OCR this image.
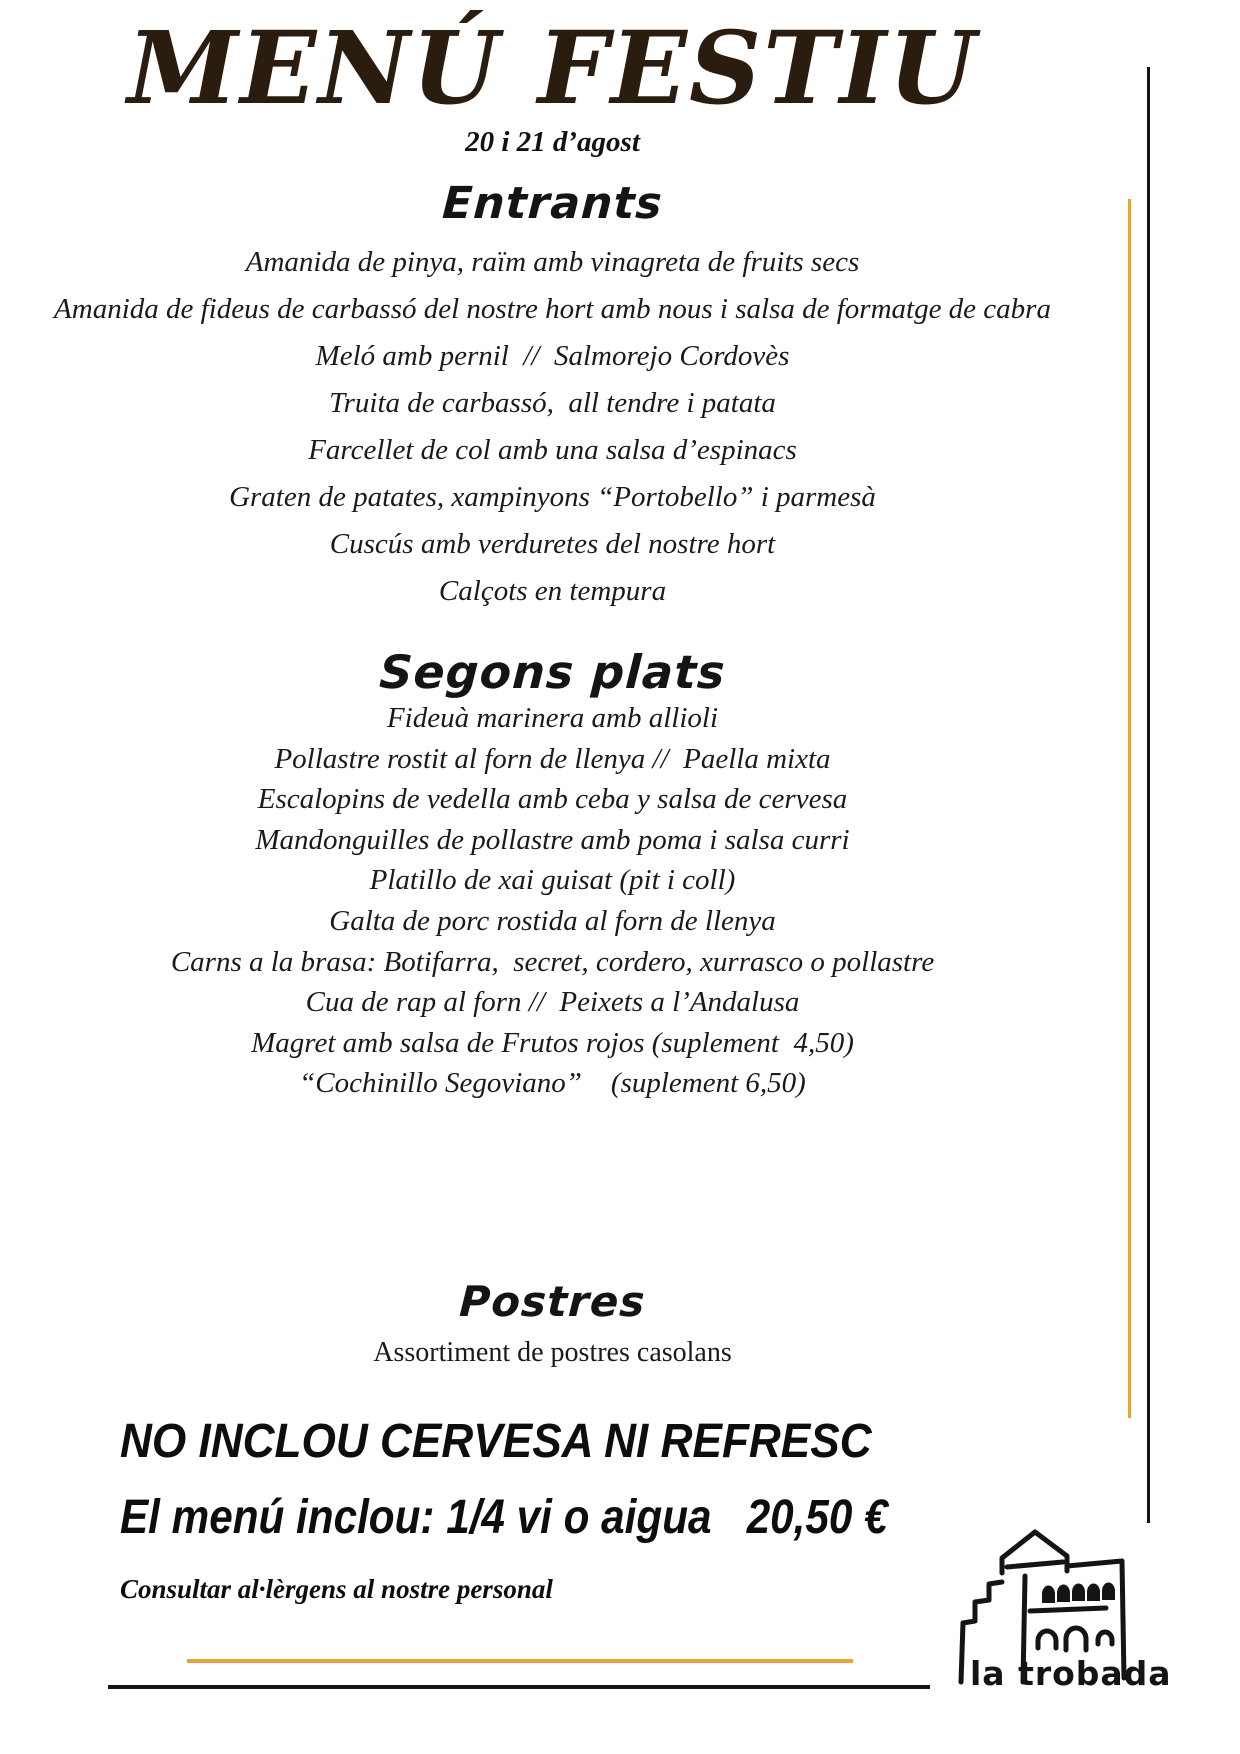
MENÚ FESTIU
20 i 21 d’agost
Entrants
Amanida de pinya, raïm amb vinagreta de fruits secs
Amanida de fideus de carbassó del nostre hort amb nous i salsa de formatge de cabra
Meló amb pernil  //  Salmorejo Cordovès
Truita de carbassó,  all tendre i patata
Farcellet de col amb una salsa d’espinacs
Graten de patates, xampinyons “Portobello” i parmesà
Cuscús amb verduretes del nostre hort
Calçots en tempura
Segons plats
Fideuà marinera amb allioli
Pollastre rostit al forn de llenya //  Paella mixta
Escalopins de vedella amb ceba y salsa de cervesa
Mandonguilles de pollastre amb poma i salsa curri
Platillo de xai guisat (pit i coll)
Galta de porc rostida al forn de llenya
Carns a la brasa: Botifarra,  secret, cordero, xurrasco o pollastre
Cua de rap al forn //  Peixets a l’Andalusa
Magret amb salsa de Frutos rojos (suplement  4,50)
“Cochinillo Segoviano”    (suplement 6,50)
Postres
Assortiment de postres casolans
NO INCLOU CERVESA NI REFRESC
El menú inclou: 1/4 vi o aigua   20,50 €
Consultar al·lèrgens al nostre personal
la trobada
